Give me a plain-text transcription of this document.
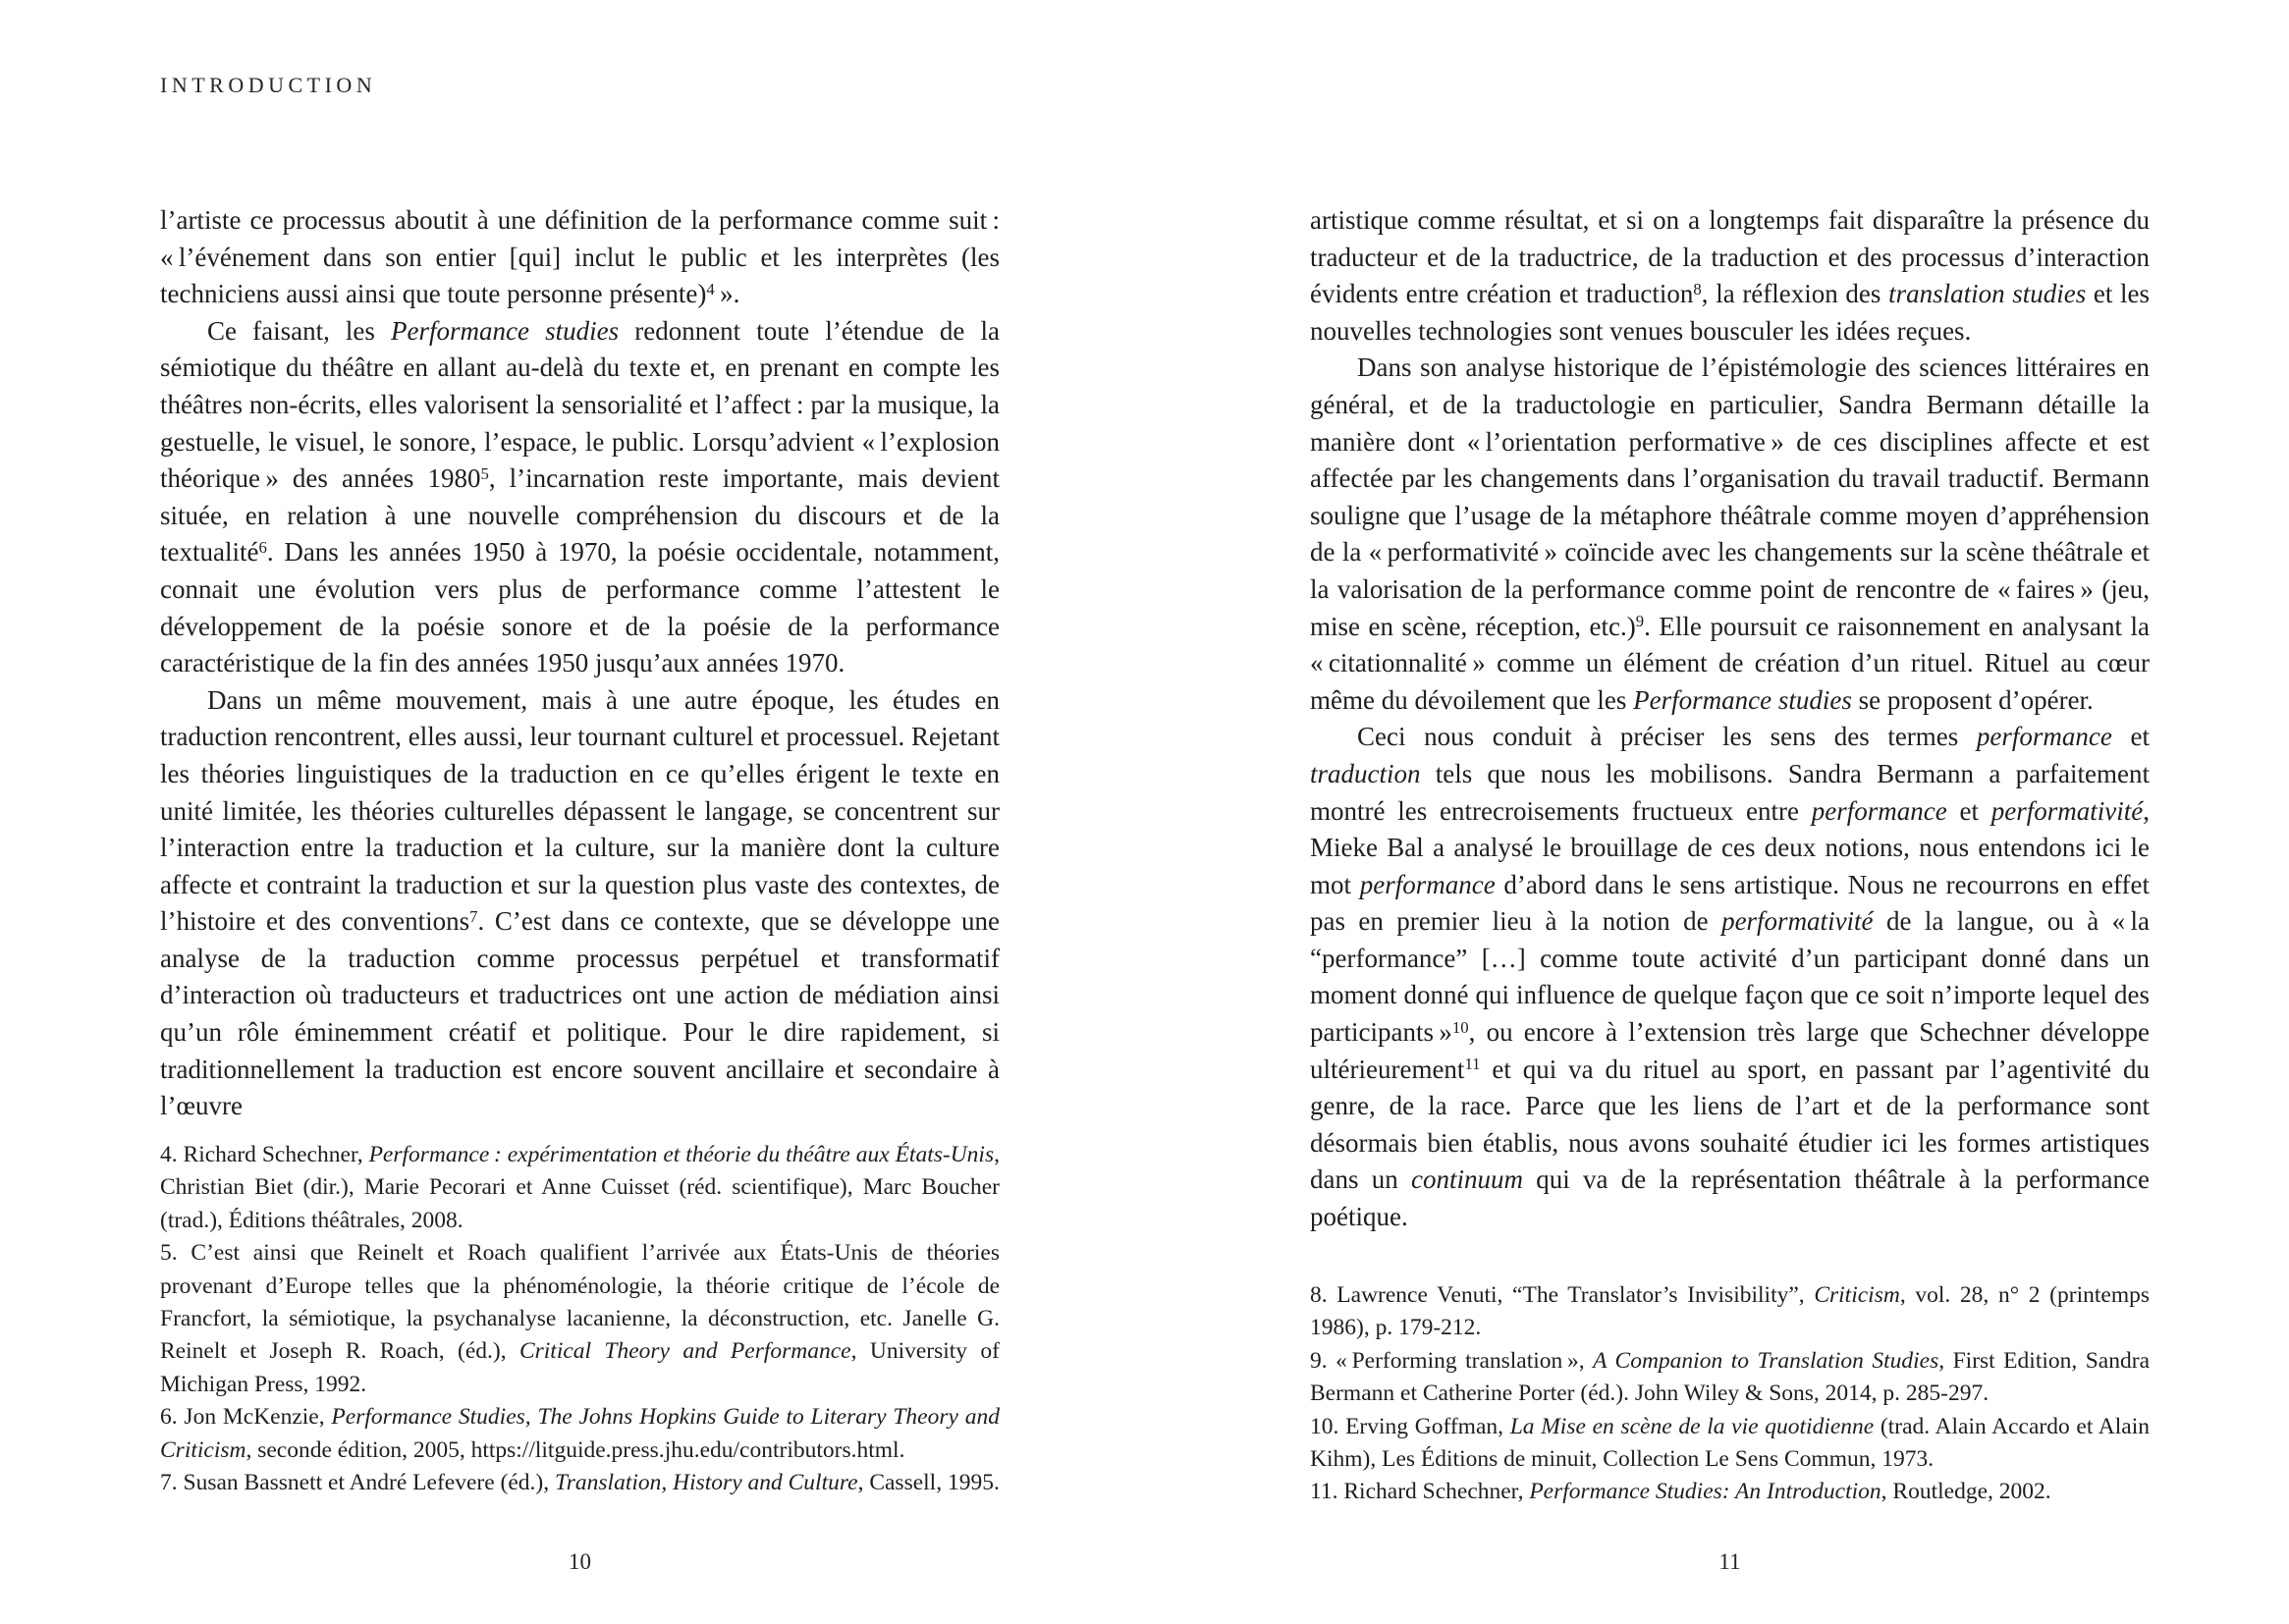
INTRODUCTION

l’artiste ce processus aboutit à une définition de la performance comme suit : « l’événement dans son entier [qui] inclut le public et les interprètes (les techniciens aussi ainsi que toute personne présente)$^4$ ».

Ce faisant, les Performance studies redonnent toute l’étendue de la sémiotique du théâtre en allant au-delà du texte et, en prenant en compte les théâtres non-écrits, elles valorisent la sensorialité et l’affect : par la musique, la gestuelle, le visuel, le sonore, l’espace, le public. Lorsqu’advient « l’explosion théorique » des années 1980$^5$, l’incarnation reste importante, mais devient située, en relation à une nouvelle compréhension du discours et de la textualité$^6$. Dans les années 1950 à 1970, la poésie occidentale, notamment, connait une évolution vers plus de performance comme l’attestent le développement de la poésie sonore et de la poésie de la performance caractéristique de la fin des années 1950 jusqu’aux années 1970.

Dans un même mouvement, mais à une autre époque, les études en traduction rencontrent, elles aussi, leur tournant culturel et processuel. Rejetant les théories linguistiques de la traduction en ce qu’elles érigent le texte en unité limitée, les théories culturelles dépassent le langage, se concentrent sur l’interaction entre la traduction et la culture, sur la manière dont la culture affecte et contraint la traduction et sur la question plus vaste des contextes, de l’histoire et des conventions$^7$. C’est dans ce contexte, que se développe une analyse de la traduction comme processus perpétuel et transformatif d’interaction où traducteurs et traductrices ont une action de médiation ainsi qu’un rôle éminemment créatif et politique. Pour le dire rapidement, si traditionnellement la traduction est encore souvent ancillaire et secondaire à l’œuvre

4. Richard Schechner, Performance : expérimentation et théorie du théâtre aux États-Unis, Christian Biet (dir.), Marie Pecorari et Anne Cuisset (réd. scientifique), Marc Boucher (trad.), Éditions théâtrales, 2008.

5. C’est ainsi que Reinelt et Roach qualifient l’arrivée aux États-Unis de théories provenant d’Europe telles que la phénoménologie, la théorie critique de l’école de Francfort, la sémiotique, la psychanalyse lacanienne, la déconstruction, etc. Janelle G. Reinelt et Joseph R. Roach, (éd.), Critical Theory and Performance, University of Michigan Press, 1992.

6. Jon McKenzie, Performance Studies, The Johns Hopkins Guide to Literary Theory and Criticism, seconde édition, 2005, https://litguide.press.jhu.edu/contributors.html.

7. Susan Bassnett et André Lefevere (éd.), Translation, History and Culture, Cassell, 1995.

10

artistique comme résultat, et si on a longtemps fait disparaître la présence du traducteur et de la traductrice, de la traduction et des processus d’interaction évidents entre création et traduction$^8$, la réflexion des translation studies et les nouvelles technologies sont venues bousculer les idées reçues.

Dans son analyse historique de l’épistémologie des sciences littéraires en général, et de la traductologie en particulier, Sandra Bermann détaille la manière dont « l’orientation performative » de ces disciplines affecte et est affectée par les changements dans l’organisation du travail traductif. Bermann souligne que l’usage de la métaphore théâtrale comme moyen d’appréhension de la « performativité » coïncide avec les changements sur la scène théâtrale et la valorisation de la performance comme point de rencontre de « faires » (jeu, mise en scène, réception, etc.)$^9$. Elle poursuit ce raisonnement en analysant la « citationnalité » comme un élément de création d’un rituel. Rituel au cœur même du dévoilement que les Performance studies se proposent d’opérer.

Ceci nous conduit à préciser les sens des termes performance et traduction tels que nous les mobilisons. Sandra Bermann a parfaitement montré les entrecroisements fructueux entre performance et performativité, Mieke Bal a analysé le brouillage de ces deux notions, nous entendons ici le mot performance d’abord dans le sens artistique. Nous ne recourrons en effet pas en premier lieu à la notion de performativité de la langue, ou à « la “performance” […] comme toute activité d’un participant donné dans un moment donné qui influence de quelque façon que ce soit n’importe lequel des participants »$^{10}$, ou encore à l’extension très large que Schechner développe ultérieurement$^{11}$ et qui va du rituel au sport, en passant par l’agentivité du genre, de la race. Parce que les liens de l’art et de la performance sont désormais bien établis, nous avons souhaité étudier ici les formes artistiques dans un continuum qui va de la représentation théâtrale à la performance poétique.

8. Lawrence Venuti, “The Translator’s Invisibility”, Criticism, vol. 28, n° 2 (printemps 1986), p. 179-212.

9. « Performing translation », A Companion to Translation Studies, First Edition, Sandra Bermann et Catherine Porter (éd.). John Wiley & Sons, 2014, p. 285-297.

10. Erving Goffman, La Mise en scène de la vie quotidienne (trad. Alain Accardo et Alain Kihm), Les Éditions de minuit, Collection Le Sens Commun, 1973.

11. Richard Schechner, Performance Studies: An Introduction, Routledge, 2002.

11
